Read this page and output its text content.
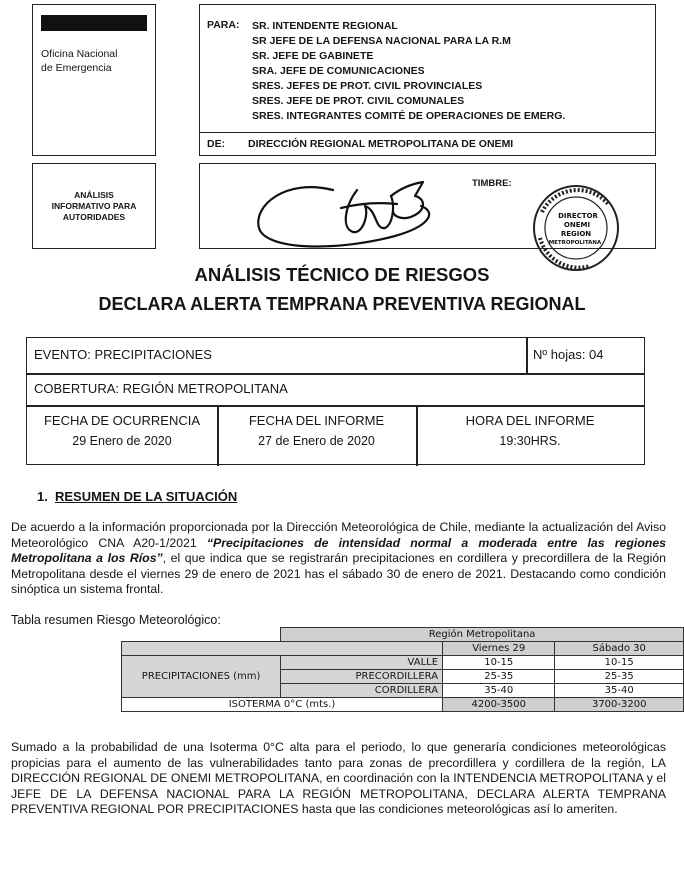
Oficina Nacional
de Emergencia
PARA: SR. INTENDENTE REGIONAL
SR JEFE DE LA DEFENSA NACIONAL PARA LA R.M
SR. JEFE DE GABINETE
SRA. JEFE DE COMUNICACIONES
SRES. JEFES DE PROT. CIVIL PROVINCIALES
SRES. JEFE DE PROT. CIVIL COMUNALES
SRES. INTEGRANTES COMITÉ DE OPERACIONES DE EMERG.
DE: DIRECCIÓN REGIONAL METROPOLITANA DE ONEMI
ANÁLISIS
INFORMATIVO PARA
AUTORIDADES
TIMBRE:
DIRECTOR
ONEMI
REGION
METROPOLITANA
ANÁLISIS TÉCNICO DE RIESGOS
DECLARA ALERTA TEMPRANA PREVENTIVA REGIONAL
EVENTO: PRECIPITACIONES	Nº hojas: 04
COBERTURA: REGIÓN METROPOLITANA
FECHA DE OCURRENCIA
29 Enero de 2020
FECHA DEL INFORME
27 de Enero de 2020
HORA DEL INFORME
19:30HRS.
1. RESUMEN DE LA SITUACIÓN
De acuerdo a la información proporcionada por la Dirección Meteorológica de Chile, mediante la actualización del Aviso Meteorológico CNA A20-1/2021 “Precipitaciones de intensidad normal a moderada entre las regiones Metropolitana a los Ríos”, el que indica que se registrarán precipitaciones en cordillera y precordillera de la Región Metropolitana desde el viernes 29 de enero de 2021 has el sábado 30 de enero de 2021. Destacando como condición sinóptica un sistema frontal.
Tabla resumen Riesgo Meteorológico:
	Región Metropolitana		
		Viernes 29	Sábado 30
PRECIPITACIONES (mm)	VALLE	10-15	10-15
	PRECORDILLERA	25-35	25-35
	CORDILLERA	35-40	35-40
ISOTERMA 0°C (mts.)		4200-3500	3700-3200
Sumado a la probabilidad de una Isoterma 0°C alta para el periodo, lo que generaría condiciones meteorológicas propicias para el aumento de las vulnerabilidades tanto para zonas de precordillera y cordillera de la región, LA DIRECCIÓN REGIONAL DE ONEMI METROPOLITANA, en coordinación con la INTENDENCIA METROPOLITANA y el JEFE DE LA DEFENSA NACIONAL PARA LA REGIÓN METROPOLITANA, DECLARA ALERTA TEMPRANA PREVENTIVA REGIONAL POR PRECIPITACIONES hasta que las condiciones meteorológicas así lo ameriten.
